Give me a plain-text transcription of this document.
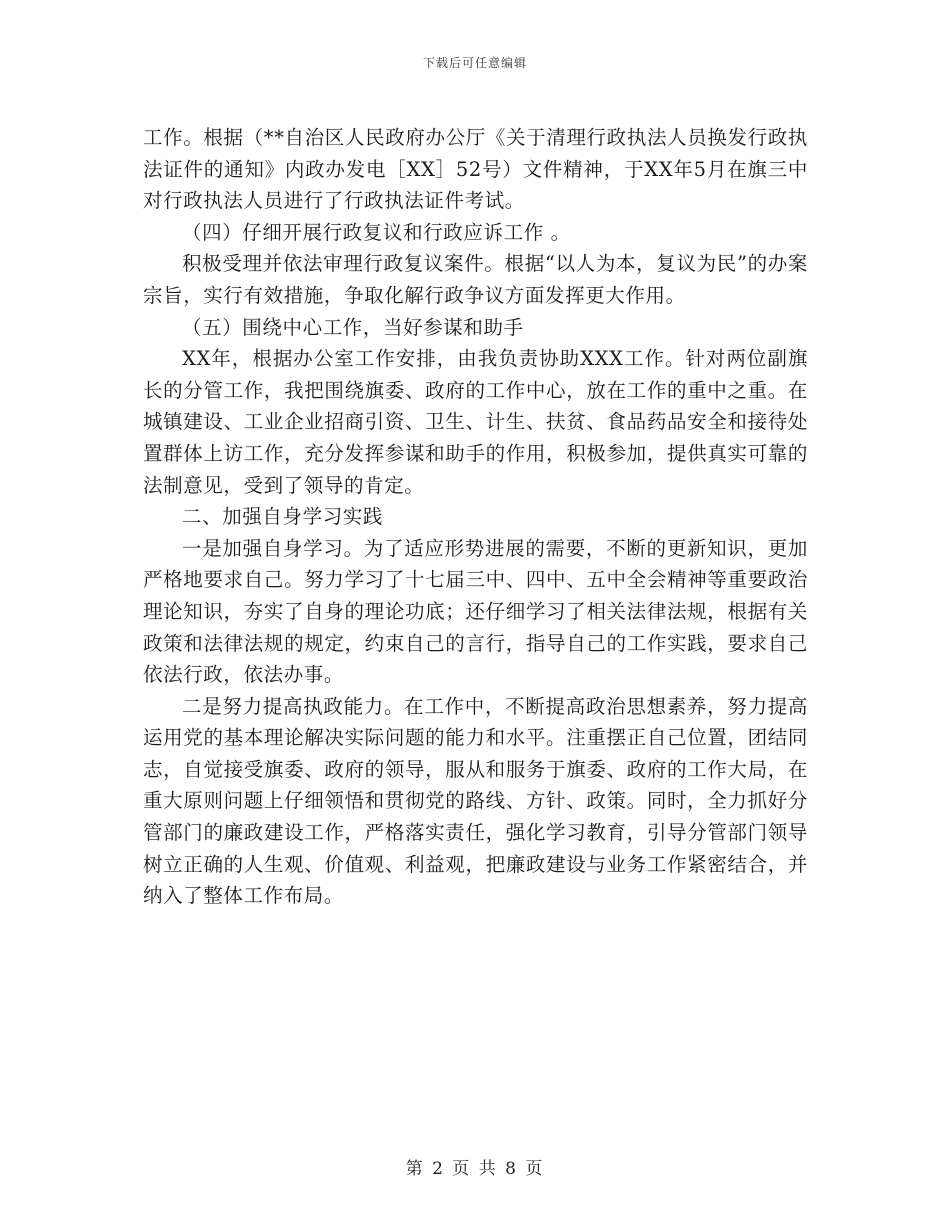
下载后可任意编辑

工作。根据（**自治区人民政府办公厅《关于清理行政执法人员换发行政执法证件的通知》内政办发电［XX］52号）文件精神，于XX年5月在旗三中对行政执法人员进行了行政执法证件考试。

（四）仔细开展行政复议和行政应诉工作 。

积极受理并依法审理行政复议案件。根据“以人为本，复议为民”的办案宗旨，实行有效措施，争取化解行政争议方面发挥更大作用。

（五）围绕中心工作，当好参谋和助手

XX年，根据办公室工作安排，由我负责协助XXX工作。针对两位副旗长的分管工作，我把围绕旗委、政府的工作中心，放在工作的重中之重。在城镇建设、工业企业招商引资、卫生、计生、扶贫、食品药品安全和接待处置群体上访工作，充分发挥参谋和助手的作用，积极参加，提供真实可靠的法制意见，受到了领导的肯定。

二、加强自身学习实践

一是加强自身学习。为了适应形势进展的需要，不断的更新知识，更加严格地要求自己。努力学习了十七届三中、四中、五中全会精神等重要政治理论知识，夯实了自身的理论功底；还仔细学习了相关法律法规，根据有关政策和法律法规的规定，约束自己的言行，指导自己的工作实践，要求自己依法行政，依法办事。

二是努力提高执政能力。在工作中，不断提高政治思想素养，努力提高运用党的基本理论解决实际问题的能力和水平。注重摆正自己位置，团结同志，自觉接受旗委、政府的领导，服从和服务于旗委、政府的工作大局，在重大原则问题上仔细领悟和贯彻党的路线、方针、政策。同时，全力抓好分管部门的廉政建设工作，严格落实责任，强化学习教育，引导分管部门领导树立正确的人生观、价值观、利益观，把廉政建设与业务工作紧密结合，并纳入了整体工作布局。

第 2 页 共 8 页
